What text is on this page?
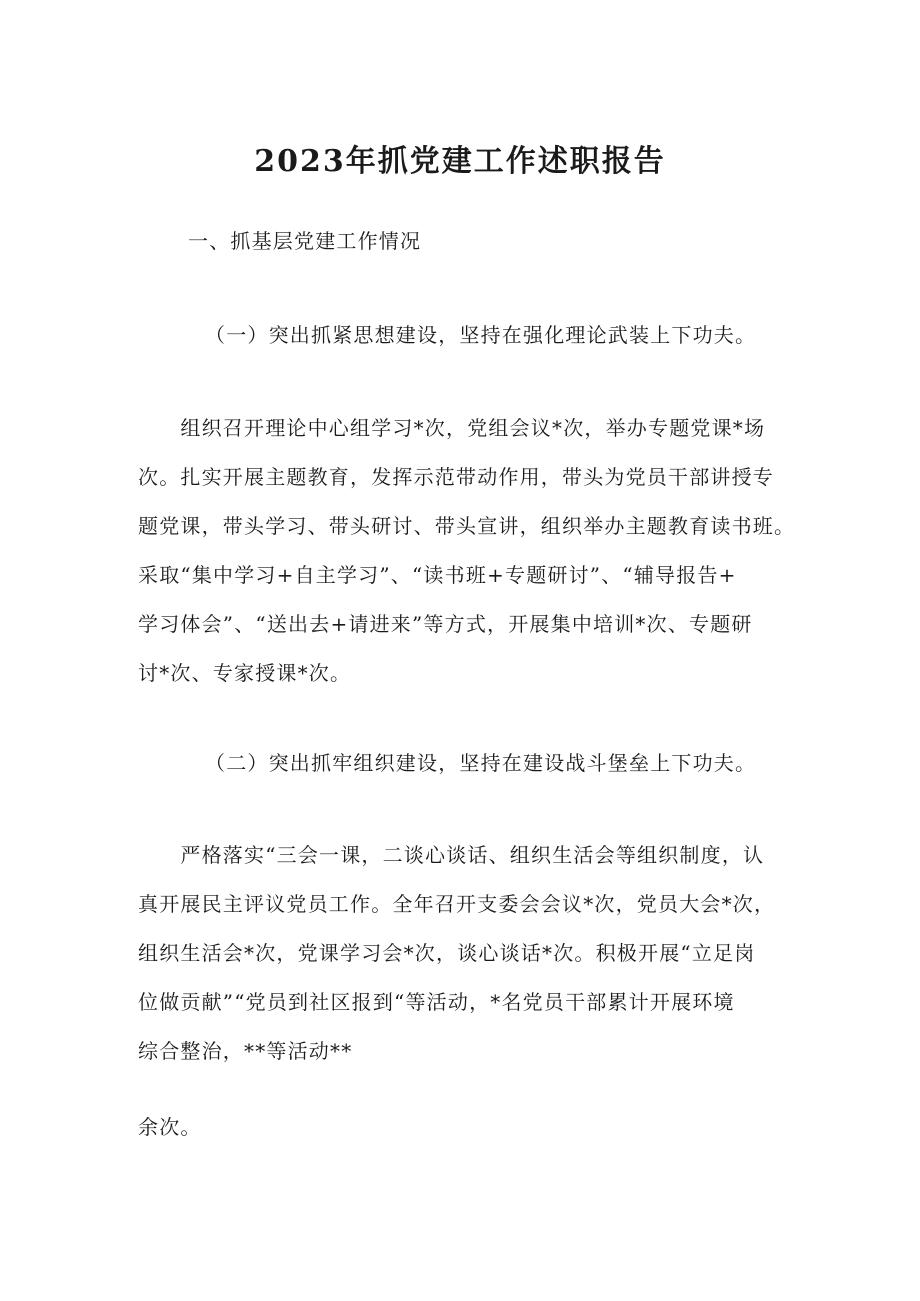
2023年抓党建工作述职报告
一、抓基层党建工作情况
（一）突出抓紧思想建设，坚持在强化理论武装上下功夫。
　　组织召开理论中心组学习*次，党组会议*次，举办专题党课*场
次。扎实开展主题教育，发挥示范带动作用，带头为党员干部讲授专
题党课，带头学习、带头研讨、带头宣讲，组织举办主题教育读书班。
采取“集中学习+自主学习”、“读书班+专题研讨”、“辅导报告+
学习体会”、“送出去+请进来”等方式，开展集中培训*次、专题研
讨*次、专家授课*次。
（二）突出抓牢组织建设，坚持在建设战斗堡垒上下功夫。
　　严格落实“三会一课，二谈心谈话、组织生活会等组织制度，认
真开展民主评议党员工作。全年召开支委会会议*次，党员大会*次，
组织生活会*次，党课学习会*次，谈心谈话*次。积极开展“立足岗
位做贡献”“党员到社区报到“等活动，*名党员干部累计开展环境
综合整治，**等活动**
余次。
